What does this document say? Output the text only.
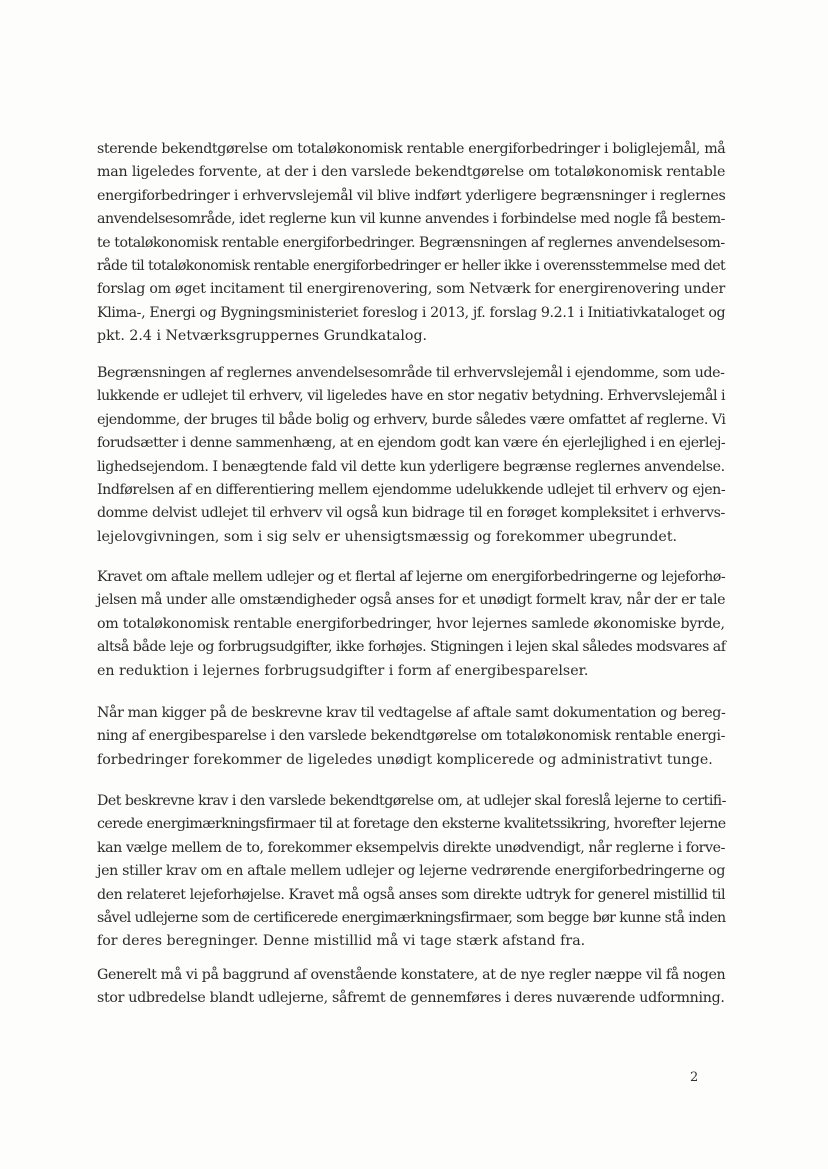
sterende bekendtgørelse om totaløkonomisk rentable energiforbedringer i boliglejemål, må
man ligeledes forvente, at der i den varslede bekendtgørelse om totaløkonomisk rentable
energiforbedringer i erhvervslejemål vil blive indført yderligere begrænsninger i reglernes
anvendelsesområde, idet reglerne kun vil kunne anvendes i forbindelse med nogle få bestem-
te totaløkonomisk rentable energiforbedringer. Begrænsningen af reglernes anvendelsesom-
råde til totaløkonomisk rentable energiforbedringer er heller ikke i overensstemmelse med det
forslag om øget incitament til energirenovering, som Netværk for energirenovering under
Klima-, Energi og Bygningsministeriet foreslog i 2013, jf. forslag 9.2.1 i Initiativkataloget og
pkt. 2.4 i Netværksgruppernes Grundkatalog.

Begrænsningen af reglernes anvendelsesområde til erhvervslejemål i ejendomme, som ude-
lukkende er udlejet til erhverv, vil ligeledes have en stor negativ betydning. Erhvervslejemål i
ejendomme, der bruges til både bolig og erhverv, burde således være omfattet af reglerne. Vi
forudsætter i denne sammenhæng, at en ejendom godt kan være én ejerlejlighed i en ejerlej-
lighedsejendom. I benægtende fald vil dette kun yderligere begrænse reglernes anvendelse.
Indførelsen af en differentiering mellem ejendomme udelukkende udlejet til erhverv og ejen-
domme delvist udlejet til erhverv vil også kun bidrage til en forøget kompleksitet i erhvervs-
lejelovgivningen, som i sig selv er uhensigtsmæssig og forekommer ubegrundet.

Kravet om aftale mellem udlejer og et flertal af lejerne om energiforbedringerne og lejeforhø-
jelsen må under alle omstændigheder også anses for et unødigt formelt krav, når der er tale
om totaløkonomisk rentable energiforbedringer, hvor lejernes samlede økonomiske byrde,
altså både leje og forbrugsudgifter, ikke forhøjes. Stigningen i lejen skal således modsvares af
en reduktion i lejernes forbrugsudgifter i form af energibesparelser.

Når man kigger på de beskrevne krav til vedtagelse af aftale samt dokumentation og bereg-
ning af energibesparelse i den varslede bekendtgørelse om totaløkonomisk rentable energi-
forbedringer forekommer de ligeledes unødigt komplicerede og administrativt tunge.

Det beskrevne krav i den varslede bekendtgørelse om, at udlejer skal foreslå lejerne to certifi-
cerede energimærkningsfirmaer til at foretage den eksterne kvalitetssikring, hvorefter lejerne
kan vælge mellem de to, forekommer eksempelvis direkte unødvendigt, når reglerne i forve-
jen stiller krav om en aftale mellem udlejer og lejerne vedrørende energiforbedringerne og
den relateret lejeforhøjelse. Kravet må også anses som direkte udtryk for generel mistillid til
såvel udlejerne som de certificerede energimærkningsfirmaer, som begge bør kunne stå inden
for deres beregninger. Denne mistillid må vi tage stærk afstand fra.

Generelt må vi på baggrund af ovenstående konstatere, at de nye regler næppe vil få nogen
stor udbredelse blandt udlejerne, såfremt de gennemføres i deres nuværende udformning.

2
